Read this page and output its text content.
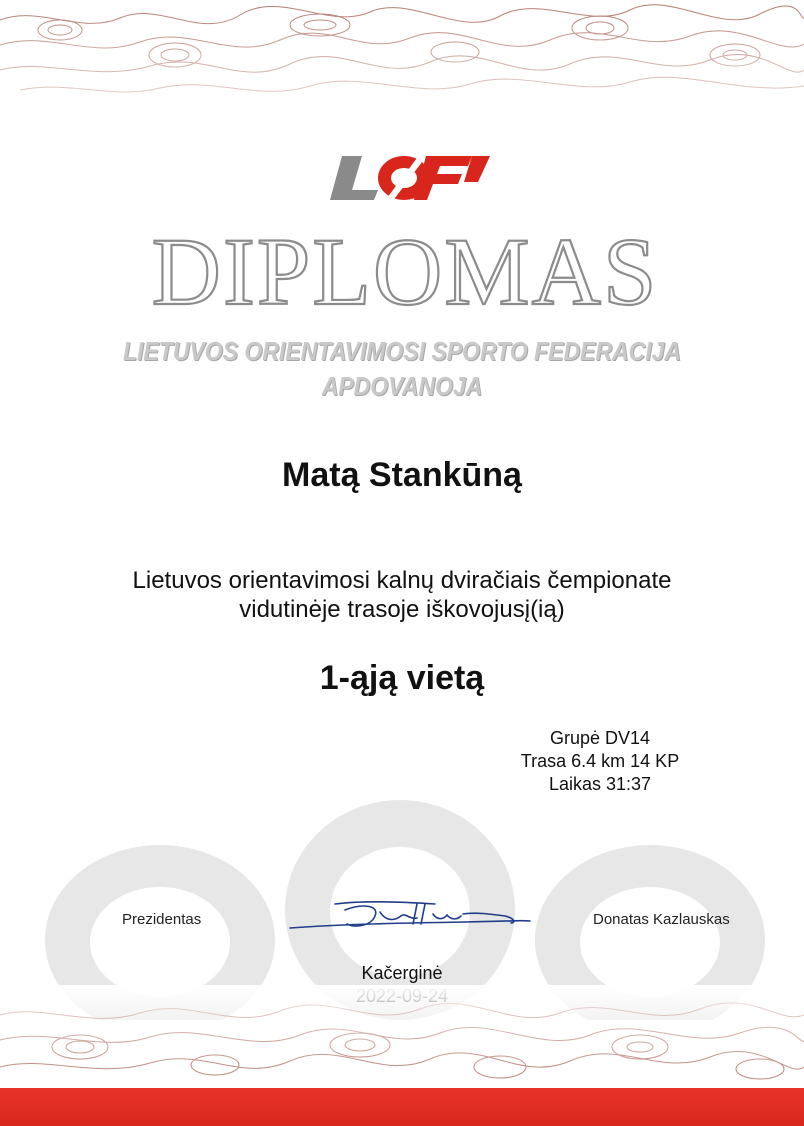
DIPLOMAS
LIETUVOS ORIENTAVIMOSI SPORTO FEDERACIJA
APDOVANOJA
Matą Stankūną
Lietuvos orientavimosi kalnų dviračiais čempionate
vidutinėje trasoje iškovojusį(ią)
1-ąją vietą
Grupė DV14
Trasa 6.4 km 14 KP
Laikas 31:37
Prezidentas	Donatas Kazlauskas
Kačerginė
